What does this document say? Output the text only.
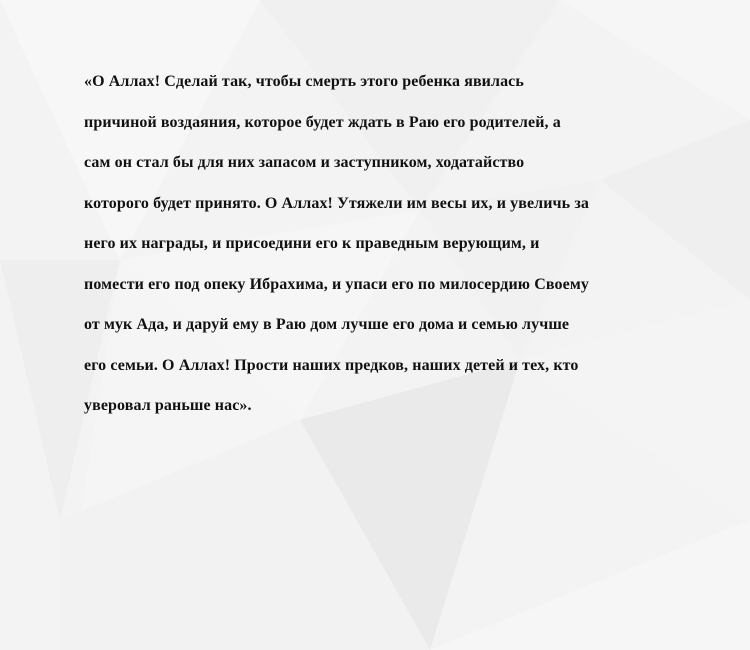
«О Аллах! Сделай так, чтобы смерть этого ребенка явилась
причиной воздаяния, которое будет ждать в Раю его родителей, а
сам он стал бы для них запасом и заступником, ходатайство
которого будет принято. О Аллах! Утяжели им весы их, и увеличь за
него их награды, и присоедини его к праведным верующим, и
помести его под опеку Ибрахима, и упаси его по милосердию Своему
от мук Ада, и даруй ему в Раю дом лучше его дома и семью лучше
его семьи. О Аллах! Прости наших предков, наших детей и тех, кто
уверовал раньше нас».
